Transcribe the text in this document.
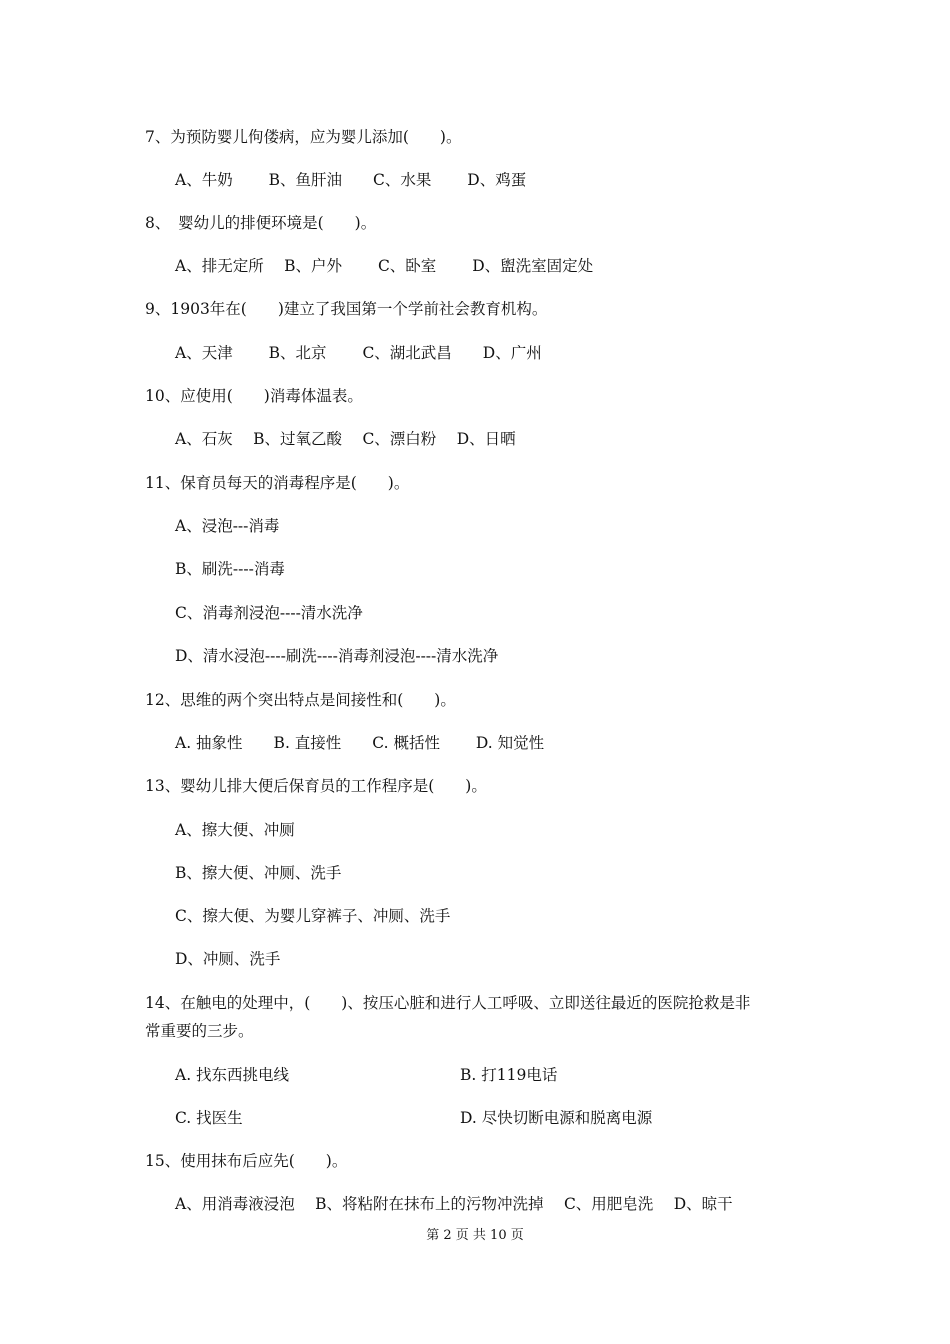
7、为预防婴儿佝偻病，应为婴儿添加(　　)。
A、牛奶　　 B、鱼肝油　　C、水果　　 D、鸡蛋
8、　婴幼儿的排便环境是(　　)。
A、排无定所　 B、户外　　 C、卧室　　 D、盥洗室固定处
9、1903年在(　　)建立了我国第一个学前社会教育机构。
A、天津　　 B、北京　　 C、湖北武昌　　D、广州
10、应使用(　　)消毒体温表。
A、石灰　 B、过氧乙酸　 C、漂白粉　 D、日晒
11、保育员每天的消毒程序是(　　)。
A、浸泡---消毒
B、刷洗----消毒
C、消毒剂浸泡----清水洗净
D、清水浸泡----刷洗----消毒剂浸泡----清水洗净
12、思维的两个突出特点是间接性和(　　)。
A. 抽象性　　B. 直接性　　C. 概括性　　 D. 知觉性
13、婴幼儿排大便后保育员的工作程序是(　　)。
A、擦大便、冲厕
B、擦大便、冲厕、洗手
C、擦大便、为婴儿穿裤子、冲厕、洗手
D、冲厕、洗手
14、在触电的处理中，(　　)、按压心脏和进行人工呼吸、立即送往最近的医院抢救是非
常重要的三步。
A. 找东西挑电线	B. 打119电话
C. 找医生	D. 尽快切断电源和脱离电源
15、使用抹布后应先(　　)。
A、用消毒液浸泡　 B、将粘附在抹布上的污物冲洗掉　 C、用肥皂洗　 D、晾干
第 2 页 共 10 页
